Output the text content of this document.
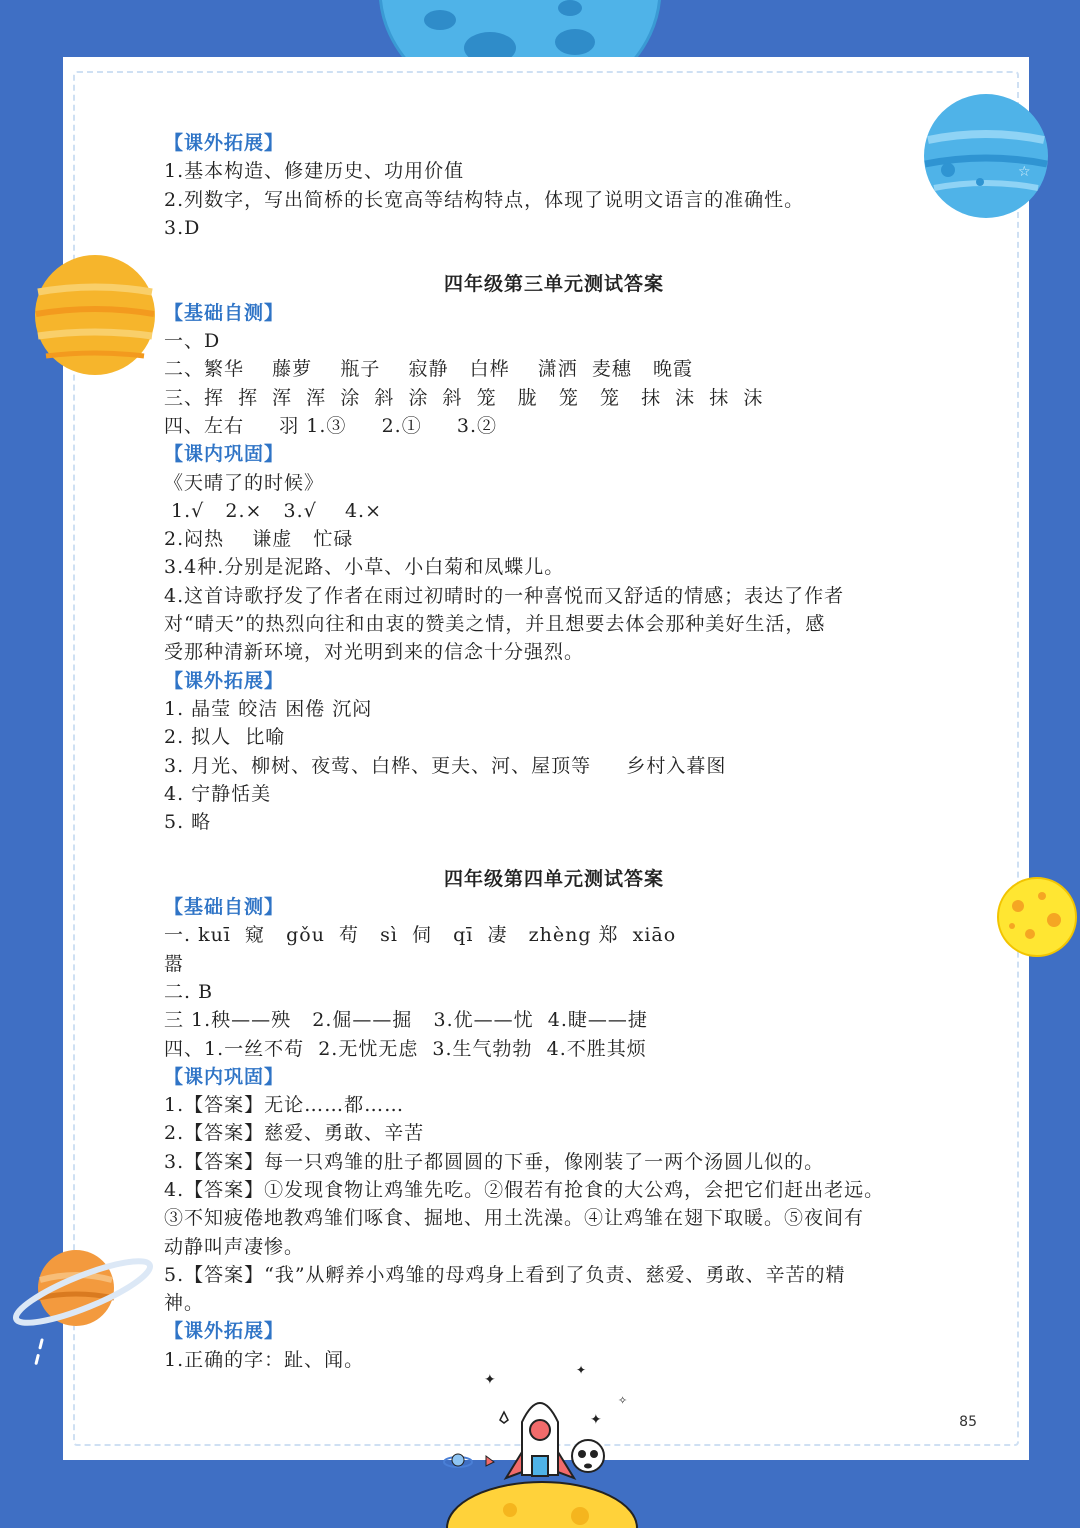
【课外拓展】
1.基本构造、修建历史、功用价值
2.列数字，写出简桥的长宽高等结构特点，体现了说明文语言的准确性。
3.D
四年级第三单元测试答案
【基础自测】
一、D
二、繁华    藤萝    瓶子    寂静   白桦    潇洒  麦穗   晚霞
三、挥  挥  浑  浑  涂  斜  涂  斜  笼   胧   笼   笼   抹  沫  抹  沫
四、左右     羽 1.③     2.①     3.②
【课内巩固】
《天晴了的时候》
1.√   2.×   3.√    4.×
2.闷热    谦虚   忙碌
3.4种.分别是泥路、小草、小白菊和凤蝶儿。
4.这首诗歌抒发了作者在雨过初晴时的一种喜悦而又舒适的情感；表达了作者
对“晴天”的热烈向往和由衷的赞美之情，并且想要去体会那种美好生活，感
受那种清新环境，对光明到来的信念十分强烈。
【课外拓展】
1. 晶莹 皎洁 困倦 沉闷
2. 拟人  比喻
3. 月光、柳树、夜莺、白桦、更夫、河、屋顶等     乡村入暮图
4. 宁静恬美
5. 略
四年级第四单元测试答案
【基础自测】
一. kuī  窥   gǒu  苟   sì  伺   qī  凄   zhèng 郑  xiāo
嚣
二. B
三 1.秧——殃   2.倔——掘   3.优——忧  4.睫——捷
四、1.一丝不苟  2.无忧无虑  3.生气勃勃  4.不胜其烦
【课内巩固】
1.【答案】无论……都……
2.【答案】慈爱、勇敢、辛苦
3.【答案】每一只鸡雏的肚子都圆圆的下垂，像刚装了一两个汤圆儿似的。
4.【答案】①发现食物让鸡雏先吃。②假若有抢食的大公鸡，会把它们赶出老远。
③不知疲倦地教鸡雏们啄食、掘地、用土洗澡。④让鸡雏在翅下取暖。⑤夜间有
动静叫声凄惨。
5.【答案】“我”从孵养小鸡雏的母鸡身上看到了负责、慈爱、勇敢、辛苦的精
神。
【课外拓展】
1.正确的字：趾、闻。
85
☆
✦
✦
✦
✧
